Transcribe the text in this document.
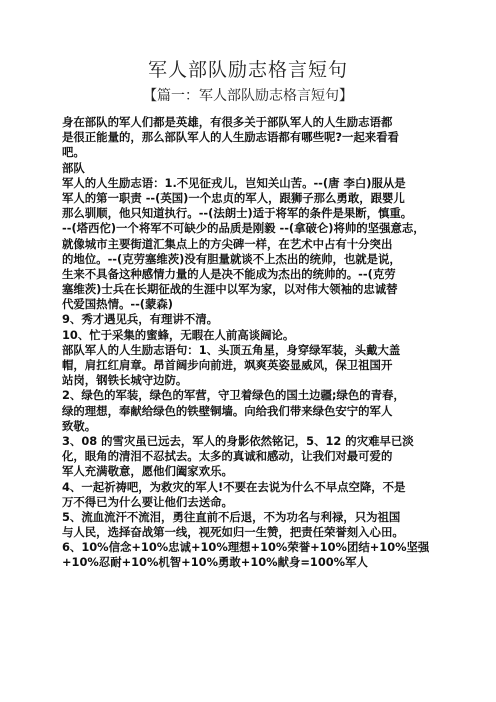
军人部队励志格言短句
【篇一：军人部队励志格言短句】
身在部队的军人们都是英雄，有很多关于部队军人的人生励志语都
是很正能量的，那么部队军人的人生励志语都有哪些呢?一起来看看
吧。
部队
军人的人生励志语：1.不见征戎儿，岂知关山苦。--(唐 李白)服从是
军人的第一职责 --(英国)一个忠贞的军人，跟狮子那么勇敢，跟婴儿
那么驯顺，他只知道执行。--(法朗士)适于将军的条件是果断，慎重。
--(塔西佗)一个将军不可缺少的品质是刚毅 --(拿破仑)将帅的坚强意志，
就像城市主要街道汇集点上的方尖碑一样，在艺术中占有十分突出
的地位。--(克劳塞维茨)没有胆量就谈不上杰出的统帅，也就是说，
生来不具备这种感情力量的人是决不能成为杰出的统帅的。--(克劳
塞维茨)士兵在长期征战的生涯中以军为家，以对伟大领袖的忠诚替
代爱国热情。--(蒙森)
9、秀才遇见兵，有理讲不清。
10、忙于采集的蜜蜂，无暇在人前高谈阔论。
部队军人的人生励志语句：1、头顶五角星，身穿绿军装，头戴大盖
帽，肩扛红肩章。昂首阔步向前进，飒爽英姿显威风，保卫祖国开
站岗，钢铁长城守边防。
2、绿色的军装，绿色的军营，守卫着绿色的国土边疆;绿色的青春，
绿的理想，奉献给绿色的铁壁铜墙。向给我们带来绿色安宁的军人
致敬。
3、08 的雪灾虽已远去，军人的身影依然铭记，5、12 的灾难早已淡
化，眼角的清泪不忍拭去。太多的真诚和感动，让我们对最可爱的
军人充满敬意，愿他们阖家欢乐。
4、一起祈祷吧，为救灾的军人!不要在去说为什么不早点空降，不是
万不得已为什么要让他们去送命。
5、流血流汗不流泪，勇往直前不后退，不为功名与利禄，只为祖国
与人民，选择奋战第一线，视死如归一生赞，把责任荣誉刻入心田。
6、10%信念+10%忠诚+10%理想+10%荣誉+10%团结+10%坚强
+10%忍耐+10%机智+10%勇敢+10%献身=100%军人
